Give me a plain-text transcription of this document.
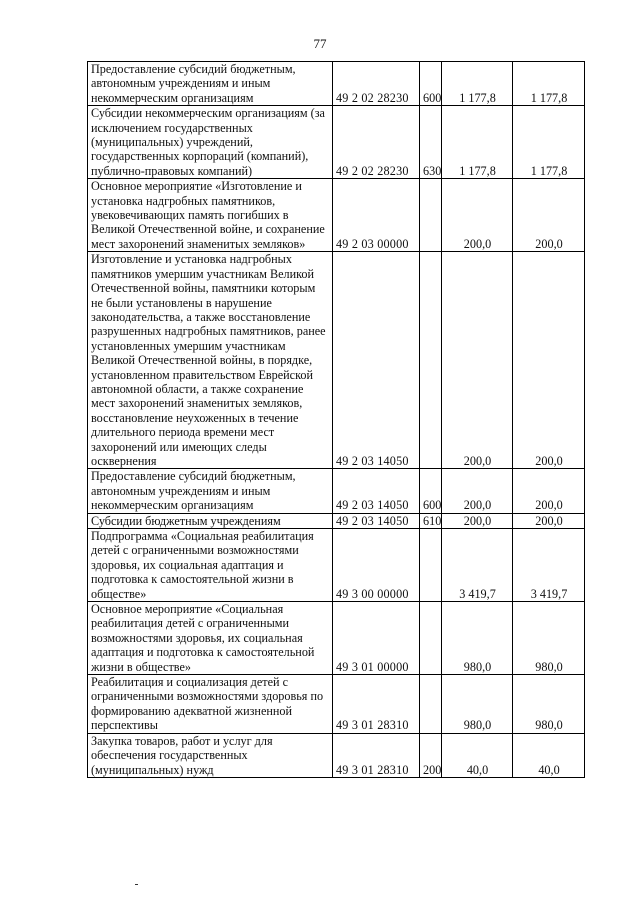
77
Предоставление субсидий бюджетным, автономным учреждениям и иным некоммерческим организациям	49 2 02 28230	600	1 177,8	1 177,8
Субсидии некоммерческим организациям (за исключением государственных (муниципальных) учреждений, государственных корпораций (компаний), публично-правовых компаний)	49 2 02 28230	630	1 177,8	1 177,8
Основное мероприятие «Изготовление и установка надгробных памятников, увековечивающих память погибших в Великой Отечественной войне, и сохранение мест захоронений знаменитых земляков»	49 2 03 00000		200,0	200,0
Изготовление и установка надгробных памятников умершим участникам Великой Отечественной войны, памятники которым не были установлены в нарушение законодательства, а также восстановление разрушенных надгробных памятников, ранее установленных умершим участникам Великой Отечественной войны, в порядке, установленном правительством Еврейской автономной области, а также сохранение мест захоронений знаменитых земляков, восстановление неухоженных в течение длительного периода времени мест захоронений или имеющих следы осквернения	49 2 03 14050		200,0	200,0
Предоставление субсидий бюджетным, автономным учреждениям и иным некоммерческим организациям	49 2 03 14050	600	200,0	200,0
Субсидии бюджетным учреждениям	49 2 03 14050	610	200,0	200,0
Подпрограмма «Социальная реабилитация детей с ограниченными возможностями здоровья, их социальная адаптация и подготовка к самостоятельной жизни в обществе»	49 3 00 00000		3 419,7	3 419,7
Основное мероприятие «Социальная реабилитация детей с ограниченными возможностями здоровья, их социальная адаптация и подготовка к самостоятельной жизни в обществе»	49 3 01 00000		980,0	980,0
Реабилитация и социализация детей с ограниченными возможностями здоровья по формированию адекватной жизненной перспективы	49 3 01 28310		980,0	980,0
Закупка товаров, работ и услуг для обеспечения государственных (муниципальных) нужд	49 3 01 28310	200	40,0	40,0
